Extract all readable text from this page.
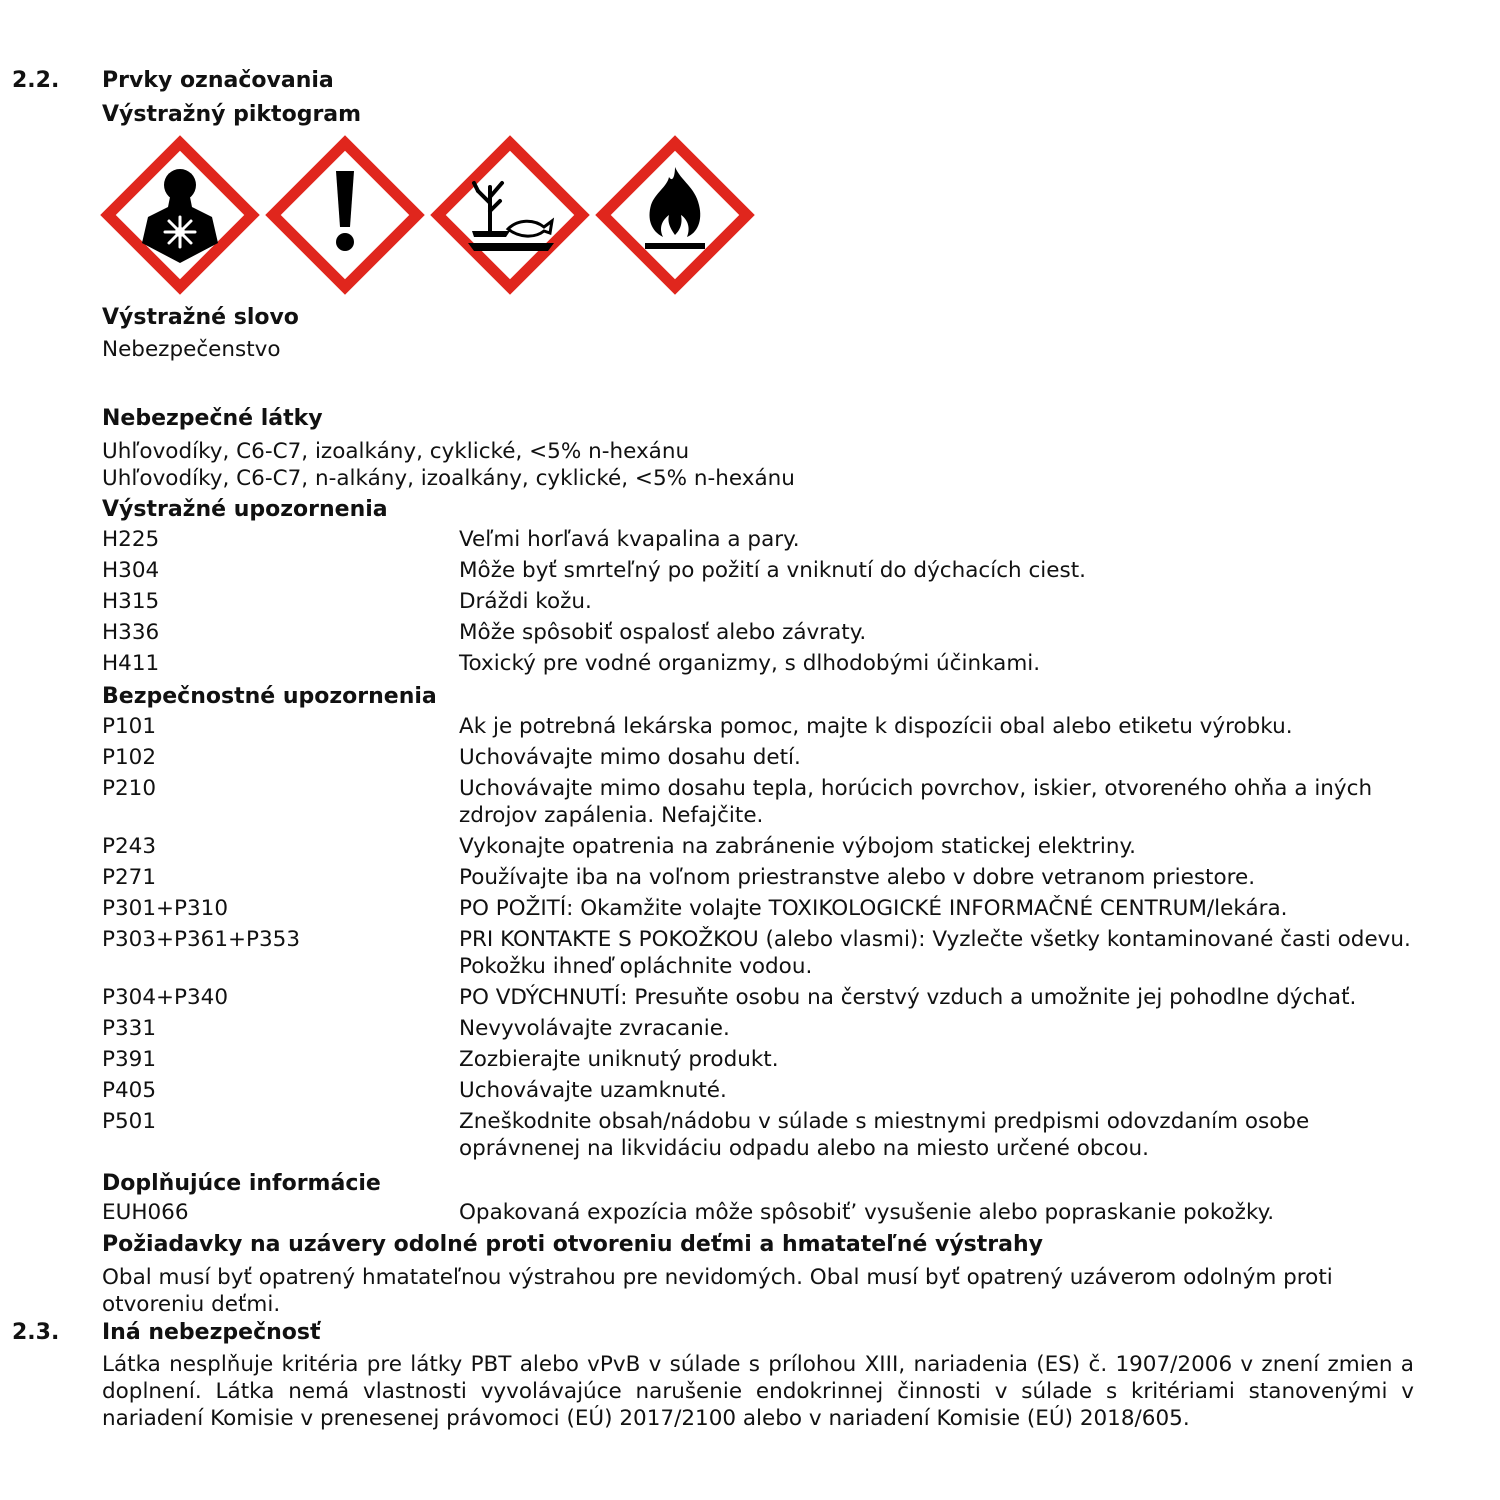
2.2. Prvky označovania
Výstražný piktogram
Výstražné slovo
Nebezpečenstvo
Nebezpečné látky
Uhľovodíky, C6-C7, izoalkány, cyklické, <5% n-hexánu
Uhľovodíky, C6-C7, n-alkány, izoalkány, cyklické, <5% n-hexánu
Výstražné upozornenia
H225	Veľmi horľavá kvapalina a pary.
H304	Môže byť smrteľný po požití a vniknutí do dýchacích ciest.
H315	Dráždi kožu.
H336	Môže spôsobiť ospalosť alebo závraty.
H411	Toxický pre vodné organizmy, s dlhodobými účinkami.
Bezpečnostné upozornenia
P101	Ak je potrebná lekárska pomoc, majte k dispozícii obal alebo etiketu výrobku.
P102	Uchovávajte mimo dosahu detí.
P210	Uchovávajte mimo dosahu tepla, horúcich povrchov, iskier, otvoreného ohňa a iných zdrojov zapálenia. Nefajčite.
P243	Vykonajte opatrenia na zabránenie výbojom statickej elektriny.
P271	Používajte iba na voľnom priestranstve alebo v dobre vetranom priestore.
P301+P310	PO POŽITÍ: Okamžite volajte TOXIKOLOGICKÉ INFORMAČNÉ CENTRUM/lekára.
P303+P361+P353	PRI KONTAKTE S POKOŽKOU (alebo vlasmi): Vyzlečte všetky kontaminované časti odevu. Pokožku ihneď opláchnite vodou.
P304+P340	PO VDÝCHNUTÍ: Presuňte osobu na čerstvý vzduch a umožnite jej pohodlne dýchať.
P331	Nevyvolávajte zvracanie.
P391	Zozbierajte uniknutý produkt.
P405	Uchovávajte uzamknuté.
P501	Zneškodnite obsah/nádobu v súlade s miestnymi predpismi odovzdaním osobe oprávnenej na likvidáciu odpadu alebo na miesto určené obcou.
Doplňujúce informácie
EUH066	Opakovaná expozícia môže spôsobiť’ vysušenie alebo popraskanie pokožky.
Požiadavky na uzávery odolné proti otvoreniu deťmi a hmatateľné výstrahy
Obal musí byť opatrený hmatateľnou výstrahou pre nevidomých. Obal musí byť opatrený uzáverom odolným proti otvoreniu deťmi.
2.3. Iná nebezpečnosť
Látka nesplňuje kritéria pre látky PBT alebo vPvB v súlade s prílohou XIII, nariadenia (ES) č. 1907/2006 v znení zmien a doplnení. Látka nemá vlastnosti vyvolávajúce narušenie endokrinnej činnosti v súlade s kritériami stanovenými v nariadení Komisie v prenesenej právomoci (EÚ) 2017/2100 alebo v nariadení Komisie (EÚ) 2018/605.
